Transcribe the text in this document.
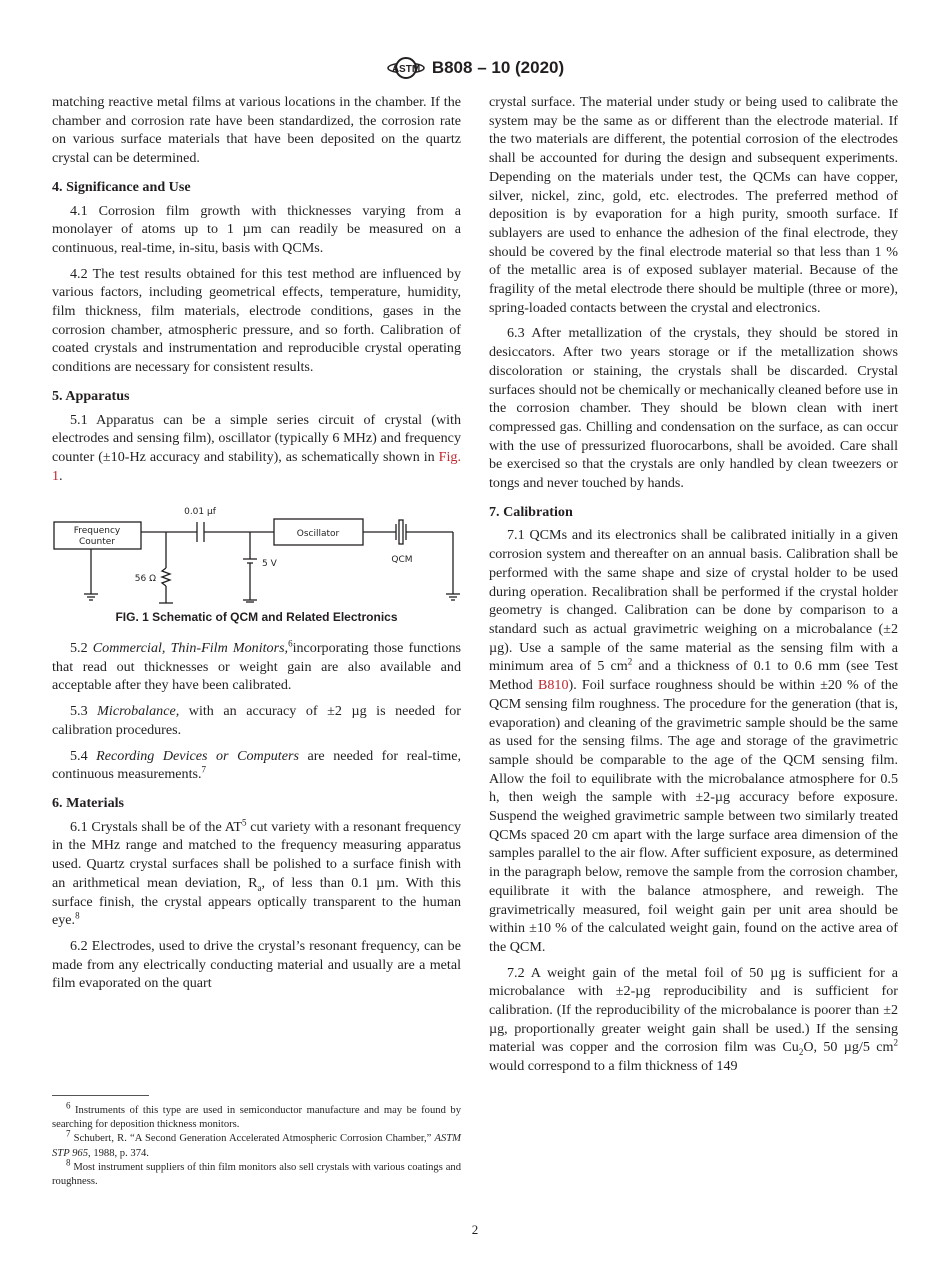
ASTM B808 – 10 (2020)
matching reactive metal films at various locations in the chamber. If the chamber and corrosion rate have been standardized, the corrosion rate on various surface materials that have been deposited on the quartz crystal can be determined.
4. Significance and Use
4.1 Corrosion film growth with thicknesses varying from a monolayer of atoms up to 1 µm can readily be measured on a continuous, real-time, in-situ, basis with QCMs.
4.2 The test results obtained for this test method are influenced by various factors, including geometrical effects, temperature, humidity, film thickness, film materials, electrode conditions, gases in the corrosion chamber, atmospheric pressure, and so forth. Calibration of coated crystals and instrumentation and reproducible crystal operating conditions are necessary for consistent results.
5. Apparatus
5.1 Apparatus can be a simple series circuit of crystal (with electrodes and sensing film), oscillator (typically 6 MHz) and frequency counter (±10-Hz accuracy and stability), as schematically shown in Fig. 1.
Frequency
Counter
0.01 µf
56 Ω
5 V
Oscillator
QCM
FIG. 1 Schematic of QCM and Related Electronics
5.2 Commercial, Thin-Film Monitors,$^6$incorporating those functions that read out thicknesses or weight gain are also available and acceptable after they have been calibrated.
5.3 Microbalance, with an accuracy of ±2 µg is needed for calibration procedures.
5.4 Recording Devices or Computers are needed for real-time, continuous measurements.$^7$
6. Materials
6.1 Crystals shall be of the $AT^5$ cut variety with a resonant frequency in the MHz range and matched to the frequency measuring apparatus used. Quartz crystal surfaces shall be polished to a surface finish with an arithmetical mean deviation, $R_a$, of less than 0.1 µm. With this surface finish, the crystal appears optically transparent to the human eye.$^8$
6.2 Electrodes, used to drive the crystal’s resonant frequency, can be made from any electrically conducting material and usually are a metal film evaporated on the quart
crystal surface. The material under study or being used to calibrate the system may be the same as or different than the electrode material. If the two materials are different, the potential corrosion of the electrodes shall be accounted for during the design and subsequent experiments. Depending on the materials under test, the QCMs can have copper, silver, nickel, zinc, gold, etc. electrodes. The preferred method of deposition is by evaporation for a high purity, smooth surface. If sublayers are used to enhance the adhesion of the final electrode, they should be covered by the final electrode material so that less than 1 % of the metallic area is of exposed sublayer material. Because of the fragility of the metal electrode there should be multiple (three or more), spring-loaded contacts between the crystal and electronics.
6.3 After metallization of the crystals, they should be stored in desiccators. After two years storage or if the metallization shows discoloration or staining, the crystals shall be discarded. Crystal surfaces should not be chemically or mechanically cleaned before use in the corrosion chamber. They should be blown clean with inert compressed gas. Chilling and condensation on the surface, as can occur with the use of pressurized fluorocarbons, shall be avoided. Care shall be exercised so that the crystals are only handled by clean tweezers or tongs and never touched by hands.
7. Calibration
7.1 QCMs and its electronics shall be calibrated initially in a given corrosion system and thereafter on an annual basis. Calibration shall be performed with the same shape and size of crystal holder to be used during operation. Recalibration shall be performed if the crystal holder geometry is changed. Calibration can be done by comparison to a standard such as actual gravimetric weighing on a microbalance (±2 µg). Use a sample of the same material as the sensing film with a minimum area of 5 $cm^2$ and a thickness of 0.1 to 0.6 mm (see Test Method B810). Foil surface roughness should be within ±20 % of the QCM sensing film roughness. The procedure for the generation (that is, evaporation) and cleaning of the gravimetric sample should be the same as used for the sensing films. The age and storage of the gravimetric sample should be comparable to the age of the QCM sensing film. Allow the foil to equilibrate with the microbalance atmosphere for 0.5 h, then weigh the sample with ±2-µg accuracy before exposure. Suspend the weighed gravimetric sample between two similarly treated QCMs spaced 20 cm apart with the large surface area dimension of the samples parallel to the air flow. After sufficient exposure, as determined in the paragraph below, remove the sample from the corrosion chamber, equilibrate it with the balance atmosphere, and reweigh. The gravimetrically measured, foil weight gain per unit area should be within ±10 % of the calculated weight gain, found on the active area of the QCM.
7.2 A weight gain of the metal foil of 50 µg is sufficient for a microbalance with ±2-µg reproducibility and is sufficient for calibration. (If the reproducibility of the microbalance is poorer than ±2 µg, proportionally greater weight gain shall be used.) If the sensing material was copper and the corrosion film was $Cu_2O$, 50 µg/5 $cm^2$ would correspond to a film thickness of 149
$^6$ Instruments of this type are used in semiconductor manufacture and may be found by searching for deposition thickness monitors.
$^7$ Schubert, R. “A Second Generation Accelerated Atmospheric Corrosion Chamber,” ASTM STP 965, 1988, p. 374.
$^8$ Most instrument suppliers of thin film monitors also sell crystals with various coatings and roughness.
2
